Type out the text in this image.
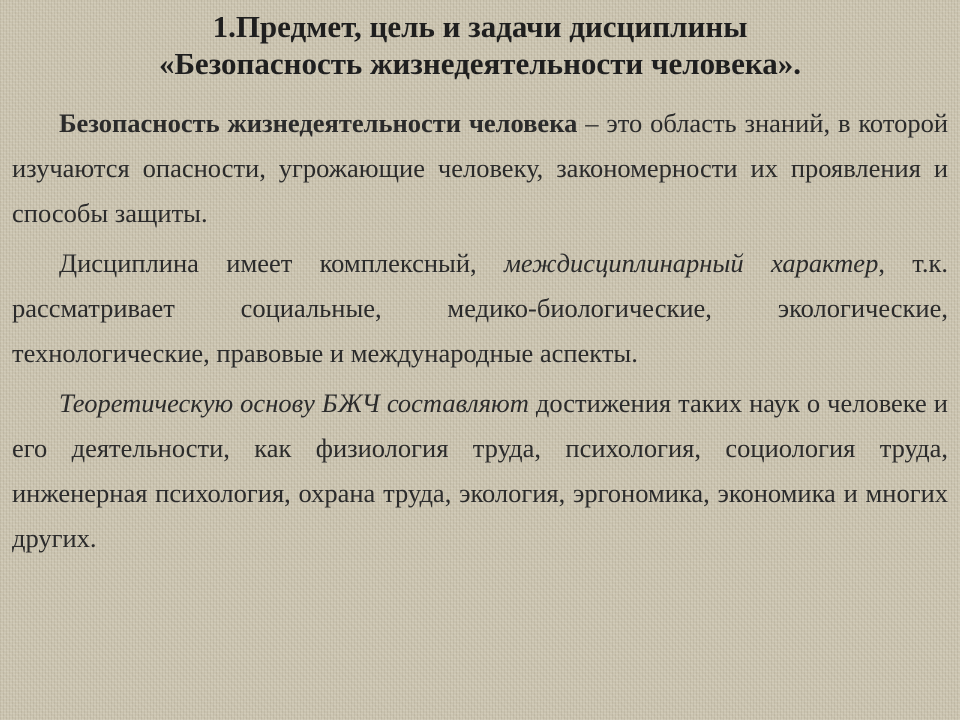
1.Предмет, цель и задачи дисциплины
«Безопасность жизнедеятельности человека».

Безопасность жизнедеятельности человека – это область знаний, в которой изучаются опасности, угрожающие человеку, закономерности их проявления и способы защиты.

Дисциплина имеет комплексный, междисциплинарный характер, т.к. рассматривает социальные, медико-биологические, экологические, технологические, правовые и международные аспекты.

Теоретическую основу БЖЧ составляют достижения таких наук о человеке и его деятельности, как физиология труда, психология, социология труда, инженерная психология, охрана труда, экология, эргономика, экономика и многих других.
